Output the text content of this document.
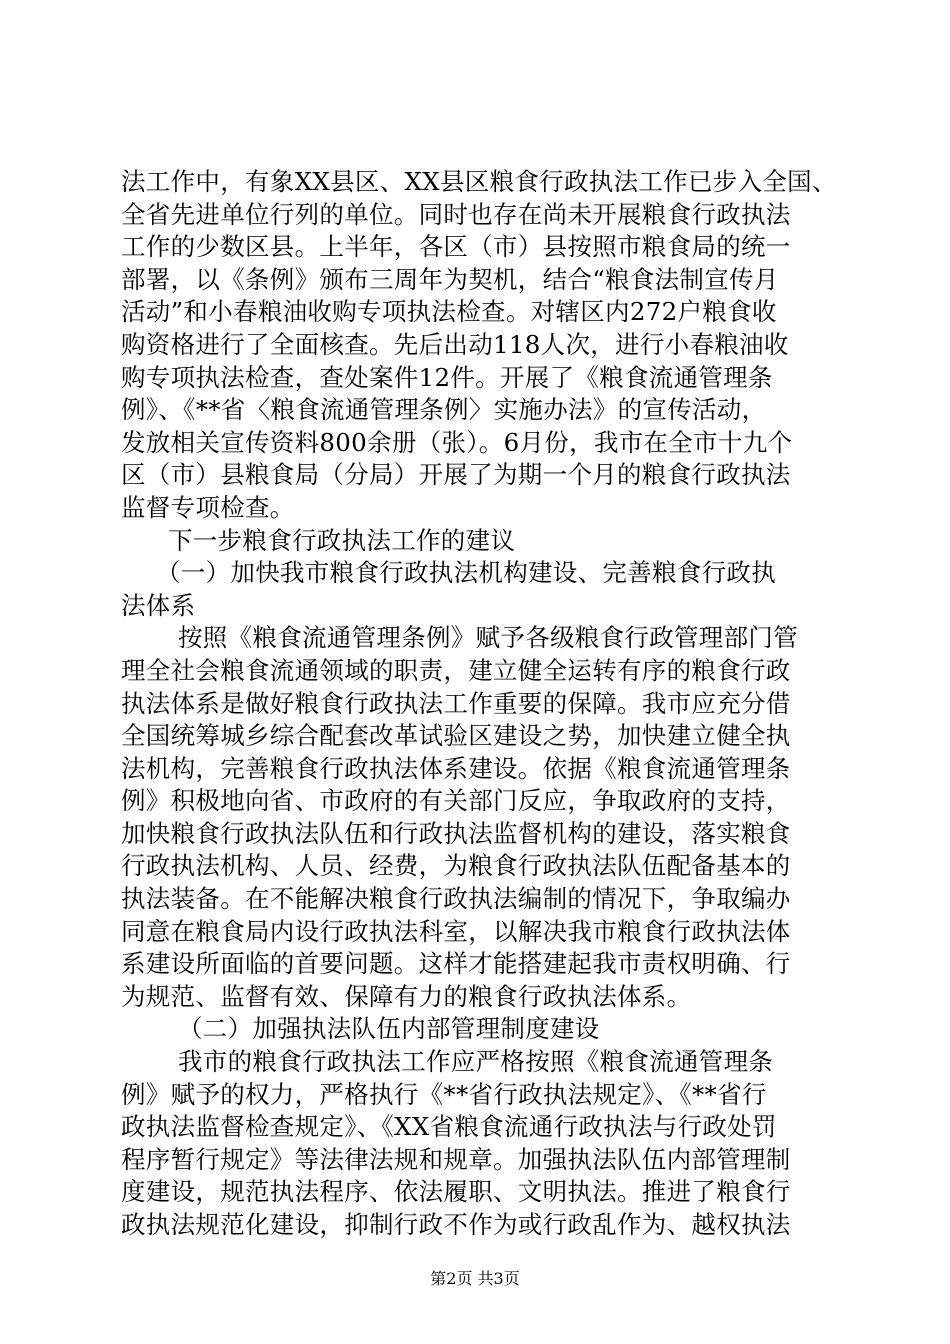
法工作中，有象XX县区、XX县区粮食行政执法工作已步入全国、
全省先进单位行列的单位。同时也存在尚未开展粮食行政执法
工作的少数区县。上半年，各区（市）县按照市粮食局的统一
部署，以《条例》颁布三周年为契机，结合“粮食法制宣传月
活动”和小春粮油收购专项执法检查。对辖区内272户粮食收
购资格进行了全面核查。先后出动118人次，进行小春粮油收
购专项执法检查，查处案件12件。开展了《粮食流通管理条
例》、《**省〈粮食流通管理条例〉实施办法》的宣传活动，
发放相关宣传资料800余册（张）。6月份，我市在全市十九个
区（市）县粮食局（分局）开展了为期一个月的粮食行政执法
监督专项检查。
下一步粮食行政执法工作的建议
（一）加快我市粮食行政执法机构建设、完善粮食行政执
法体系
按照《粮食流通管理条例》赋予各级粮食行政管理部门管
理全社会粮食流通领域的职责，建立健全运转有序的粮食行政
执法体系是做好粮食行政执法工作重要的保障。我市应充分借
全国统筹城乡综合配套改革试验区建设之势，加快建立健全执
法机构，完善粮食行政执法体系建设。依据《粮食流通管理条
例》积极地向省、市政府的有关部门反应，争取政府的支持，
加快粮食行政执法队伍和行政执法监督机构的建设，落实粮食
行政执法机构、人员、经费，为粮食行政执法队伍配备基本的
执法装备。在不能解决粮食行政执法编制的情况下，争取编办
同意在粮食局内设行政执法科室，以解决我市粮食行政执法体
系建设所面临的首要问题。这样才能搭建起我市责权明确、行
为规范、监督有效、保障有力的粮食行政执法体系。
（二）加强执法队伍内部管理制度建设
我市的粮食行政执法工作应严格按照《粮食流通管理条
例》赋予的权力，严格执行《**省行政执法规定》、《**省行
政执法监督检查规定》、《XX省粮食流通行政执法与行政处罚
程序暂行规定》等法律法规和规章。加强执法队伍内部管理制
度建设，规范执法程序、依法履职、文明执法。推进了粮食行
政执法规范化建设，抑制行政不作为或行政乱作为、越权执法
第2页 共3页
